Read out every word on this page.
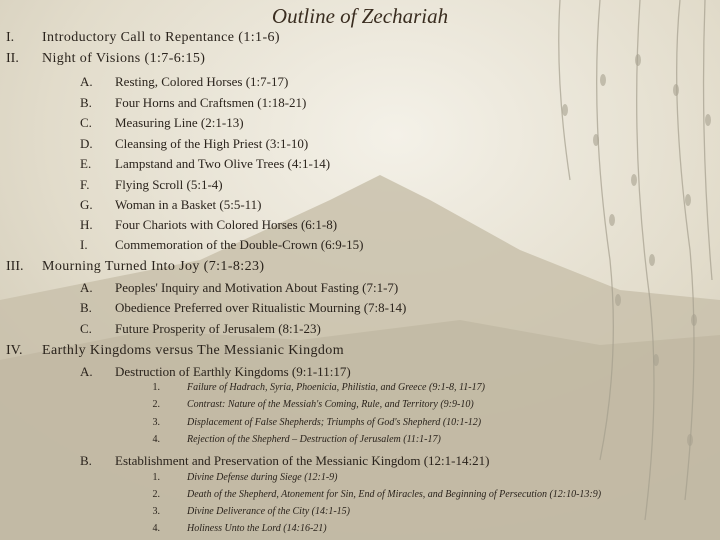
Outline of Zechariah
I. Introductory Call to Repentance (1:1-6)
II. Night of Visions (1:7-6:15)
A. Resting, Colored Horses (1:7-17)
B. Four Horns and Craftsmen (1:18-21)
C. Measuring Line (2:1-13)
D. Cleansing of the High Priest (3:1-10)
E. Lampstand and Two Olive Trees (4:1-14)
F. Flying Scroll (5:1-4)
G. Woman in a Basket (5:5-11)
H. Four Chariots with Colored Horses (6:1-8)
I. Commemoration of the Double-Crown (6:9-15)
III. Mourning Turned Into Joy (7:1-8:23)
A. Peoples' Inquiry and Motivation About Fasting (7:1-7)
B. Obedience Preferred over Ritualistic Mourning (7:8-14)
C. Future Prosperity of Jerusalem (8:1-23)
IV. Earthly Kingdoms versus The Messianic Kingdom
A. Destruction of Earthly Kingdoms (9:1-11:17)
1.	Failure of Hadrach, Syria, Phoenicia, Philistia, and Greece (9:1-8, 11-17)
2.	Contrast: Nature of the Messiah's Coming, Rule, and Territory (9:9-10)
3.	Displacement of False Shepherds; Triumphs of God's Shepherd (10:1-12)
4.	Rejection of the Shepherd – Destruction of Jerusalem (11:1-17)
B. Establishment and Preservation of the Messianic Kingdom (12:1-14:21)
1.	Divine Defense during Siege (12:1-9)
2.	Death of the Shepherd, Atonement for Sin, End of Miracles, and Beginning of Persecution (12:10-13:9)
3.	Divine Deliverance of the City (14:1-15)
4.	Holiness Unto the Lord (14:16-21)
